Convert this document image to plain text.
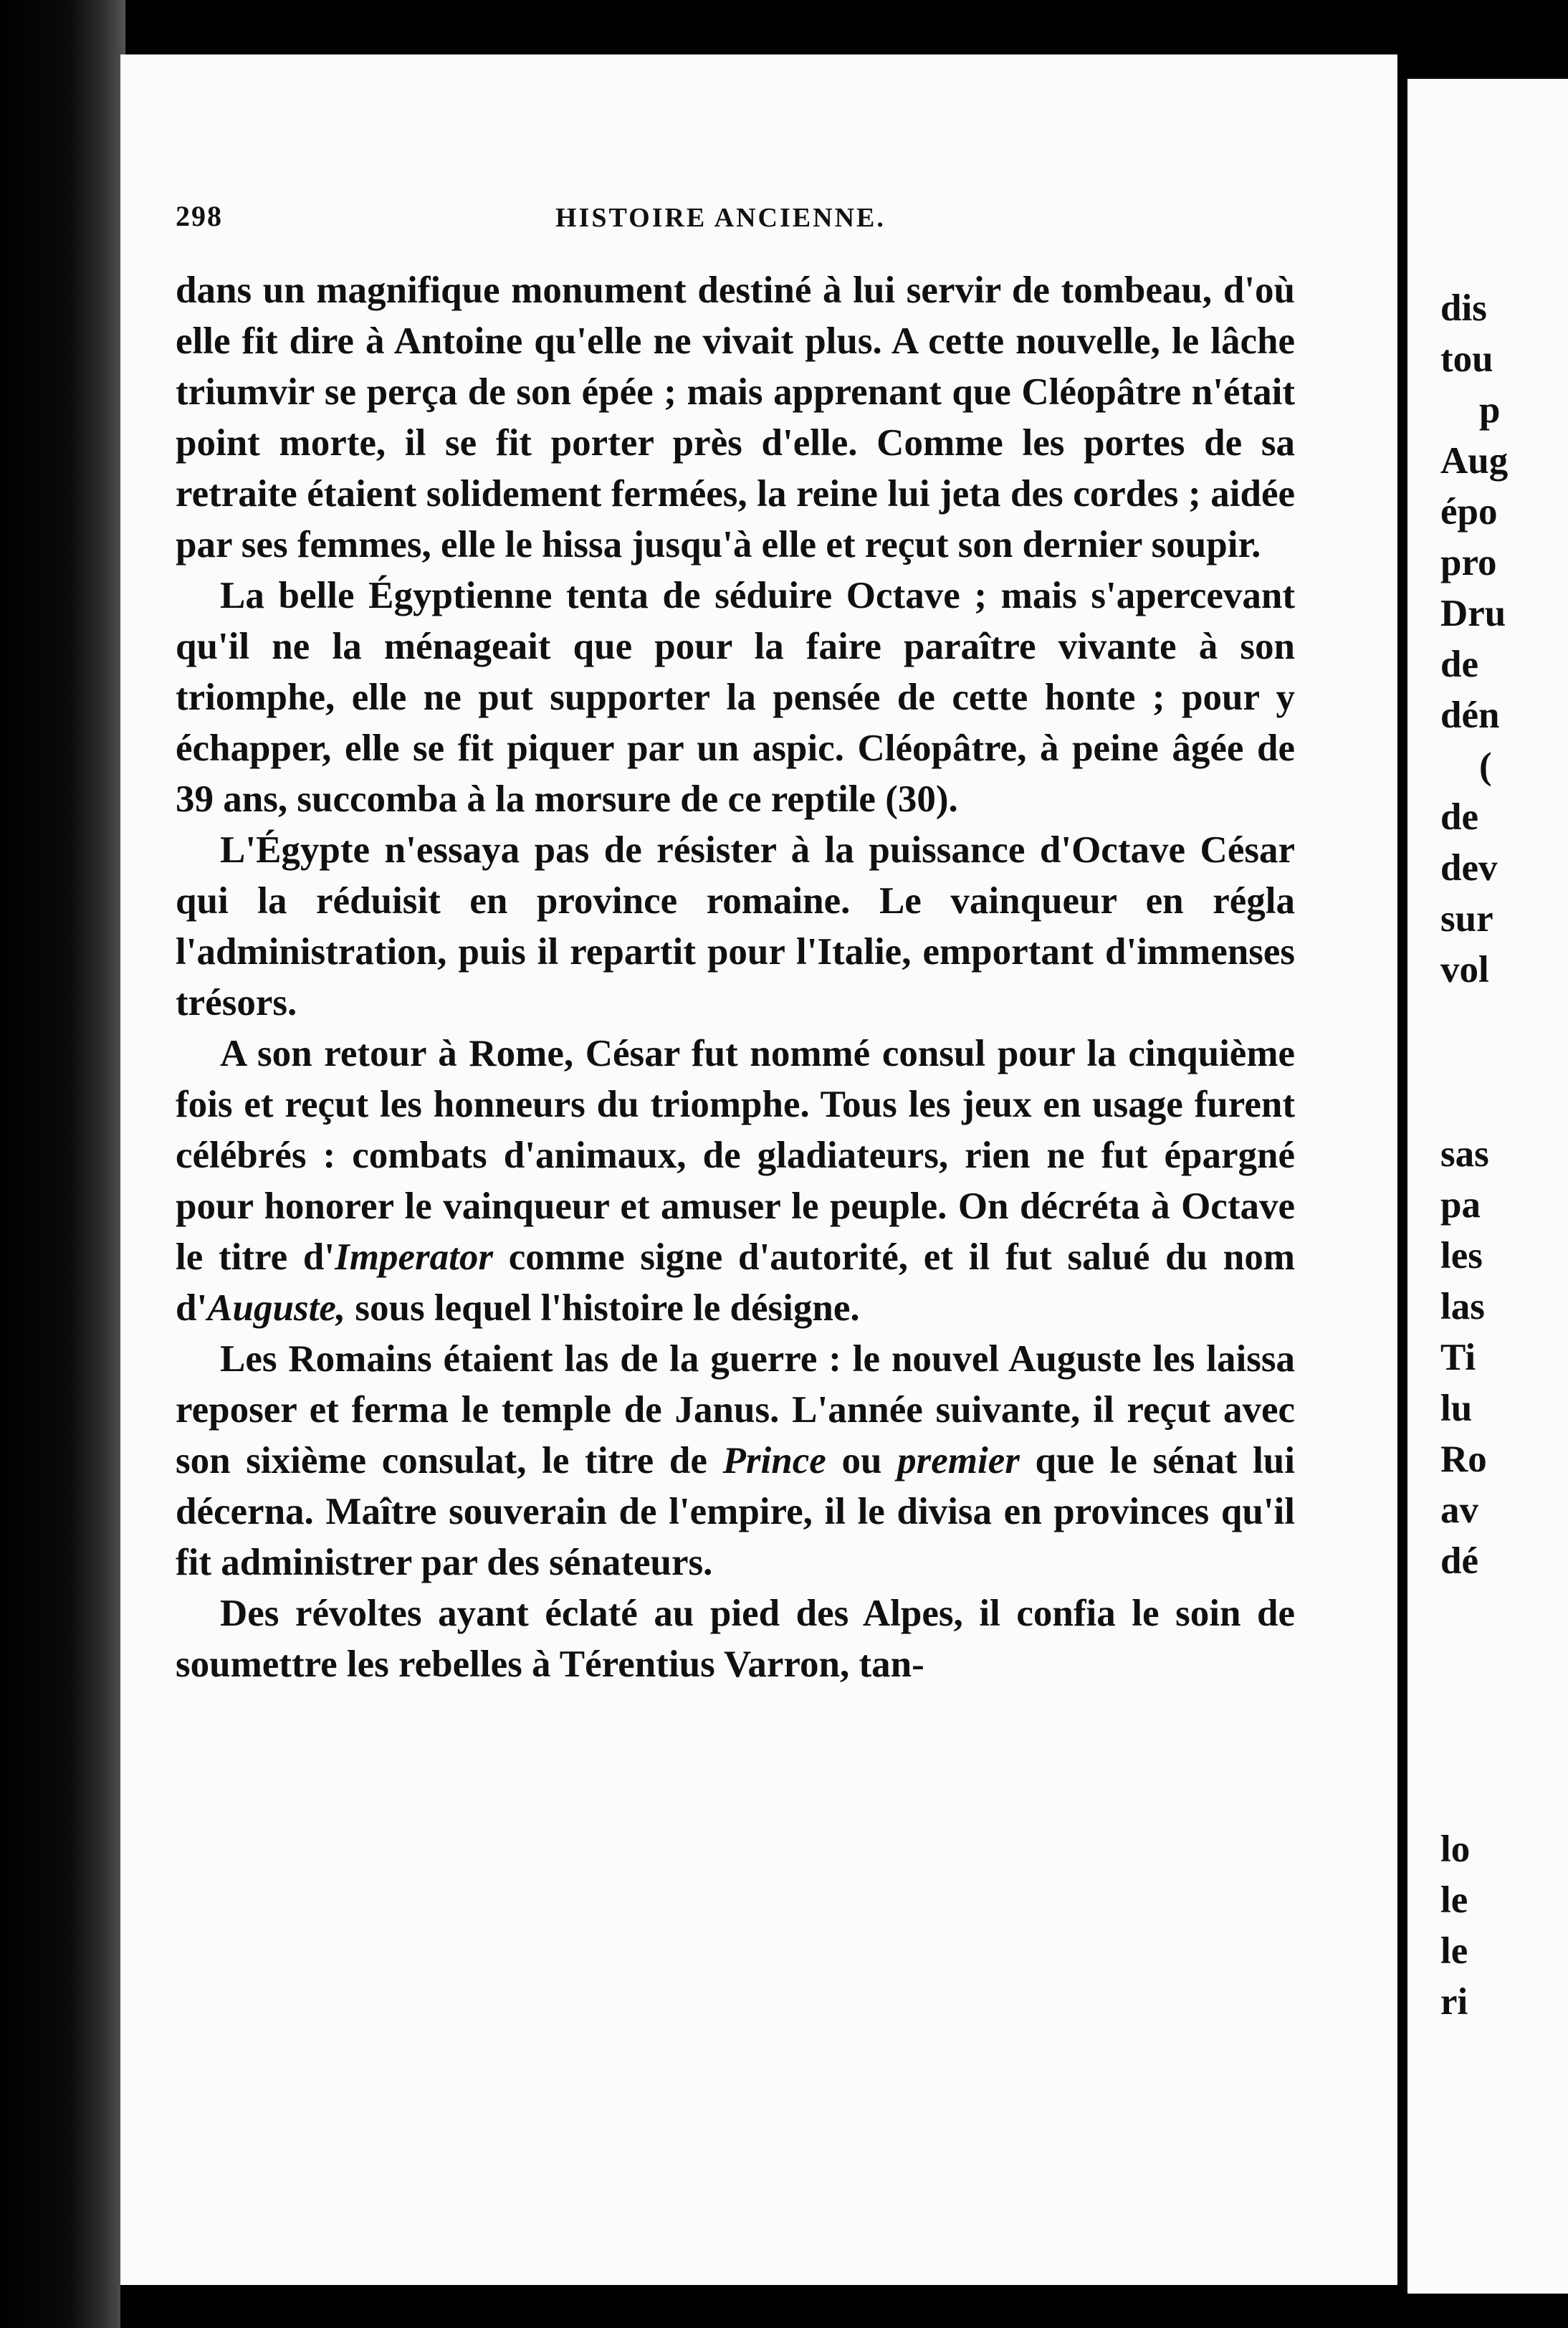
298	HISTOIRE ANCIENNE.

dans un magnifique monument destiné à lui servir de tombeau, d'où elle fit dire à Antoine qu'elle ne vivait plus. A cette nouvelle, le lâche triumvir se perça de son épée ; mais apprenant que Cléopâtre n'était point morte, il se fit porter près d'elle. Comme les portes de sa retraite étaient solidement fermées, la reine lui jeta des cordes ; aidée par ses femmes, elle le hissa jusqu'à elle et reçut son dernier soupir.

La belle Égyptienne tenta de séduire Octave ; mais s'apercevant qu'il ne la ménageait que pour la faire paraître vivante à son triomphe, elle ne put supporter la pensée de cette honte ; pour y échapper, elle se fit piquer par un aspic. Cléopâtre, à peine âgée de 39 ans, succomba à la morsure de ce reptile (30).

L'Égypte n'essaya pas de résister à la puissance d'Octave César qui la réduisit en province romaine. Le vainqueur en régla l'administration, puis il repartit pour l'Italie, emportant d'immenses trésors.

A son retour à Rome, César fut nommé consul pour la cinquième fois et reçut les honneurs du triomphe. Tous les jeux en usage furent célébrés : combats d'animaux, de gladiateurs, rien ne fut épargné pour honorer le vainqueur et amuser le peuple. On décréta à Octave le titre d'Imperator comme signe d'autorité, et il fut salué du nom d'Auguste, sous lequel l'histoire le désigne.

Les Romains étaient las de la guerre : le nouvel Auguste les laissa reposer et ferma le temple de Janus. L'année suivante, il reçut avec son sixième consulat, le titre de Prince ou premier que le sénat lui décerna. Maître souverain de l'empire, il le divisa en provinces qu'il fit administrer par des sénateurs.

Des révoltes ayant éclaté au pied des Alpes, il confia le soin de soumettre les rebelles à Térentius Varron, tan-

dis
tou
p
Aug
épo
pro
Dru
de
dén
(
de
dev
sur
vol
sas
pa
les
las
Ti
lu
Ro
av
dé
lo
le
le
ri
